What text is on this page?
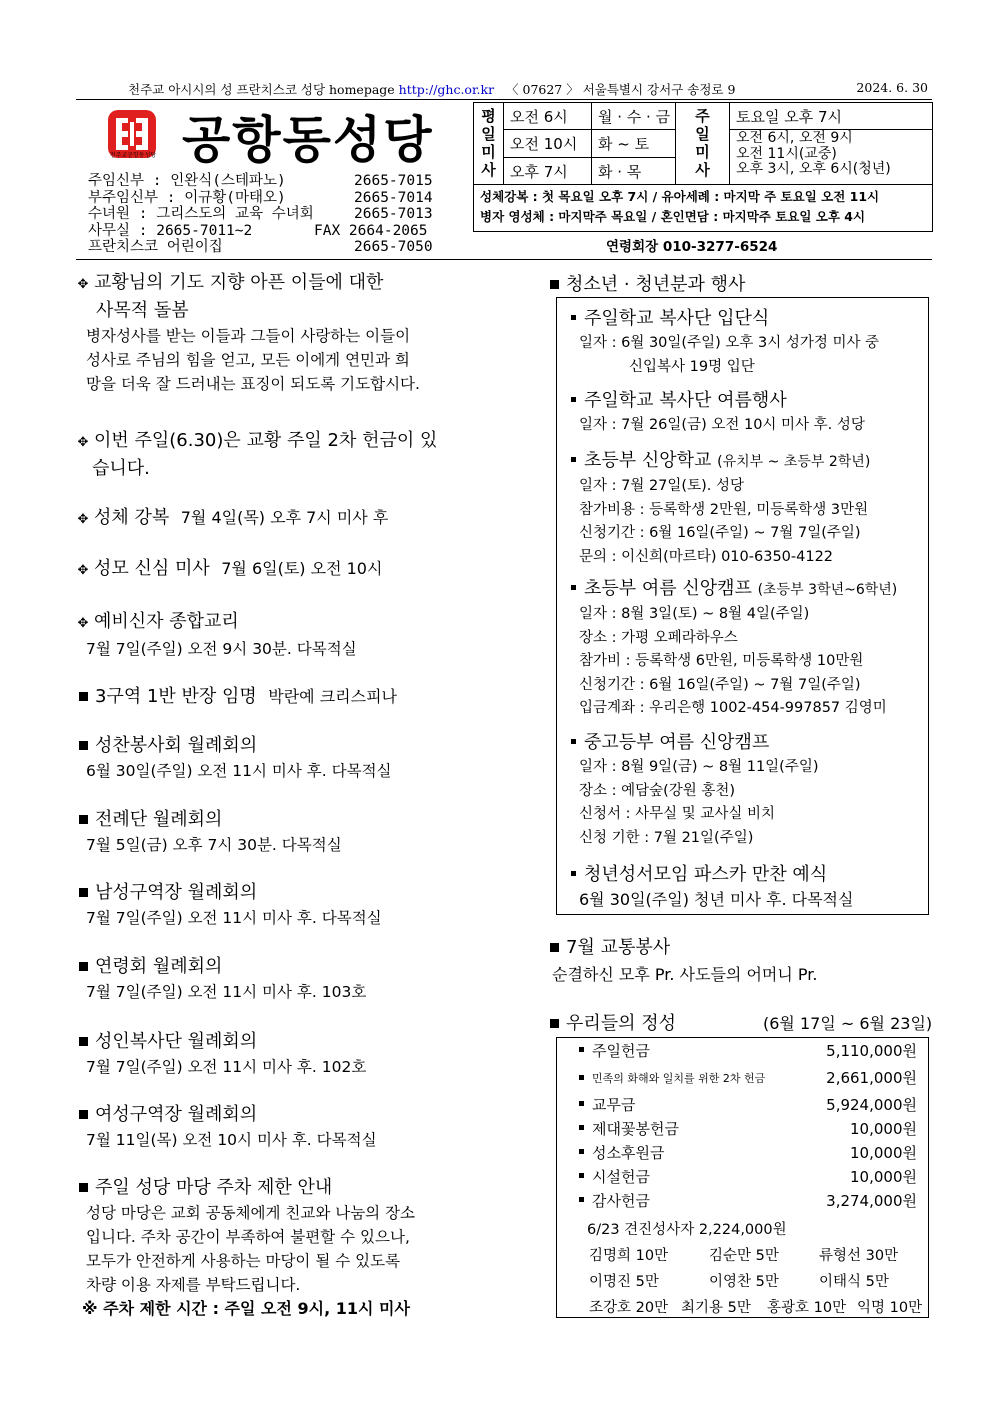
천주교 아시시의 성 프란치스코 성당 homepage http://ghc.or.kr 〈 07627 〉 서울특별시 강서구 송정로 9	2024. 6. 30
천주교공항동성당 공항동성당
주임신부 : 인완식(스테파노)	2665-7015
부주임신부 : 이규황(마태오)	2665-7014
수녀원 : 그리스도의 교육 수녀회	2665-7013
사무실 : 2665-7011~2	FAX 2664-2065
프란치스코 어린이집	2665-7050
평일미사
오전 6시	월 · 수 · 금
오전 10시	화 ~ 토
오후 7시	화 · 목
주일미사
토요일 오후 7시
오전 6시, 오전 9시
오전 11시(교중)
오후 3시, 오후 6시(청년)
성체강복 : 첫 목요일 오후 7시 / 유아세례 : 마지막 주 토요일 오전 11시
병자 영성체 : 마지막주 목요일 / 혼인면담 : 마지막주 토요일 오후 4시
연령회장 010-3277-6524
✥ 교황님의 기도 지향 아픈 이들에 대한
사목적 돌봄
병자성사를 받는 이들과 그들이 사랑하는 이들이
성사로 주님의 힘을 얻고, 모든 이에게 연민과 희
망을 더욱 잘 드러내는 표징이 되도록 기도합시다.
✥ 이번 주일(6.30)은 교황 주일 2차 헌금이 있
습니다.
✥ 성체 강복 7월 4일(목) 오후 7시 미사 후
✥ 성모 신심 미사 7월 6일(토) 오전 10시
✥ 예비신자 종합교리
7월 7일(주일) 오전 9시 30분. 다목적실
3구역 1반 반장 임명 박란예 크리스피나
성찬봉사회 월례회의
6월 30일(주일) 오전 11시 미사 후. 다목적실
전례단 월례회의
7월 5일(금) 오후 7시 30분. 다목적실
남성구역장 월례회의
7월 7일(주일) 오전 11시 미사 후. 다목적실
연령회 월례회의
7월 7일(주일) 오전 11시 미사 후. 103호
성인복사단 월례회의
7월 7일(주일) 오전 11시 미사 후. 102호
여성구역장 월례회의
7월 11일(목) 오전 10시 미사 후. 다목적실
주일 성당 마당 주차 제한 안내
성당 마당은 교회 공동체에게 친교와 나눔의 장소
입니다. 주차 공간이 부족하여 불편할 수 있으나,
모두가 안전하게 사용하는 마당이 될 수 있도록
차량 이용 자제를 부탁드립니다.
※ 주차 제한 시간 : 주일 오전 9시, 11시 미사
청소년 · 청년분과 행사
주일학교 복사단 입단식
일자 : 6월 30일(주일) 오후 3시 성가정 미사 중
신입복사 19명 입단
주일학교 복사단 여름행사
일자 : 7월 26일(금) 오전 10시 미사 후. 성당
초등부 신앙학교 (유치부 ~ 초등부 2학년)
일자 : 7월 27일(토). 성당
참가비용 : 등록학생 2만원, 미등록학생 3만원
신청기간 : 6월 16일(주일) ~ 7월 7일(주일)
문의 : 이신희(마르타) 010-6350-4122
초등부 여름 신앙캠프 (초등부 3학년~6학년)
일자 : 8월 3일(토) ~ 8월 4일(주일)
장소 : 가평 오페라하우스
참가비 : 등록학생 6만원, 미등록학생 10만원
신청기간 : 6월 16일(주일) ~ 7월 7일(주일)
입금계좌 : 우리은행 1002-454-997857 김영미
중고등부 여름 신앙캠프
일자 : 8월 9일(금) ~ 8월 11일(주일)
장소 : 예담숲(강원 홍천)
신청서 : 사무실 및 교사실 비치
신청 기한 : 7월 21일(주일)
청년성서모임 파스카 만찬 예식
6월 30일(주일) 청년 미사 후. 다목적실
7월 교통봉사
순결하신 모후 Pr. 사도들의 어머니 Pr.
우리들의 정성	(6월 17일 ~ 6월 23일)
주일헌금	5,110,000원
민족의 화해와 일치를 위한 2차 헌금	2,661,000원
교무금	5,924,000원
제대꽃봉헌금	10,000원
성소후원금	10,000원
시설헌금	10,000원
감사헌금	3,274,000원
6/23 견진성사자 2,224,000원
김명희 10만	김순만 5만	류형선 30만
이명진 5만	이영찬 5만	이태식 5만
조강호 20만 최기용 5만 홍광호 10만 익명 10만
